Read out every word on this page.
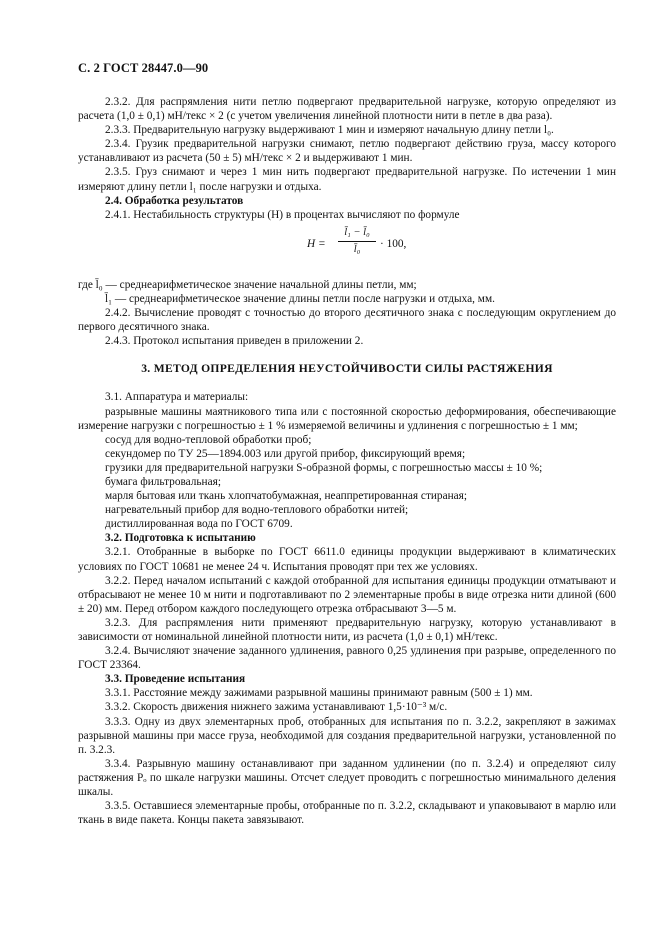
С. 2 ГОСТ 28447.0—90

2.3.2. Для распрямления нити петлю подвергают предварительной нагрузке, которую определяют из расчета (1,0 ± 0,1) мН/текс × 2 (с учетом увеличения линейной плотности нити в петле в два раза).

2.3.3. Предварительную нагрузку выдерживают 1 мин и измеряют начальную длину петли l₀.

2.3.4. Грузик предварительной нагрузки снимают, петлю подвергают действию груза, массу которого устанавливают из расчета (50 ± 5) мН/текс × 2 и выдерживают 1 мин.

2.3.5. Груз снимают и через 1 мин нить подвергают предварительной нагрузке. По истечении 1 мин измеряют длину петли l₁ после нагрузки и отдыха.

2.4. Обработка результатов

2.4.1. Нестабильность структуры (H) в процентах вычисляют по формуле

$H = \frac{\text{l̄₁ − l̄₀}}{\text{l̄₀}} \cdot 100$,

где l̄₀ — среднеарифметическое значение начальной длины петли, мм;

l̄₁ — среднеарифметическое значение длины петли после нагрузки и отдыха, мм.

2.4.2. Вычисление проводят с точностью до второго десятичного знака с последующим округлением до первого десятичного знака.

2.4.3. Протокол испытания приведен в приложении 2.

3. МЕТОД ОПРЕДЕЛЕНИЯ НЕУСТОЙЧИВОСТИ СИЛЫ РАСТЯЖЕНИЯ

3.1. Аппаратура и материалы:

разрывные машины маятникового типа или с постоянной скоростью деформирования, обеспечивающие измерение нагрузки с погрешностью ± 1 % измеряемой величины и удлинения с погрешностью ± 1 мм;

сосуд для водно-тепловой обработки проб;

секундомер по ТУ 25—1894.003 или другой прибор, фиксирующий время;

грузики для предварительной нагрузки S-образной формы, с погрешностью массы ± 10 %;

бумага фильтровальная;

марля бытовая или ткань хлопчатобумажная, неаппретированная стираная;

нагревательный прибор для водно-теплового обработки нитей;

дистиллированная вода по ГОСТ 6709.

3.2. Подготовка к испытанию

3.2.1. Отобранные в выборке по ГОСТ 6611.0 единицы продукции выдерживают в климатических условиях по ГОСТ 10681 не менее 24 ч. Испытания проводят при тех же условиях.

3.2.2. Перед началом испытаний с каждой отобранной для испытания единицы продукции отматывают и отбрасывают не менее 10 м нити и подготавливают по 2 элементарные пробы в виде отрезка нити длиной (600 ± 20) мм. Перед отбором каждого последующего отрезка отбрасывают 3—5 м.

3.2.3. Для распрямления нити применяют предварительную нагрузку, которую устанавливают в зависимости от номинальной линейной плотности нити, из расчета (1,0 ± 0,1) мН/текс.

3.2.4. Вычисляют значение заданного удлинения, равного 0,25 удлинения при разрыве, определенного по ГОСТ 23364.

3.3. Проведение испытания

3.3.1. Расстояние между зажимами разрывной машины принимают равным (500 ± 1) мм.

3.3.2. Скорость движения нижнего зажима устанавливают 1,5·10⁻³ м/с.

3.3.3. Одну из двух элементарных проб, отобранных для испытания по п. 3.2.2, закрепляют в зажимах разрывной машины при массе груза, необходимой для создания предварительной нагрузки, установленной по п. 3.2.3.

3.3.4. Разрывную машину останавливают при заданном удлинении (по п. 3.2.4) и определяют силу растяжения Pₒ по шкале нагрузки машины. Отсчет следует проводить с погрешностью минимального деления шкалы.

3.3.5. Оставшиеся элементарные пробы, отобранные по п. 3.2.2, складывают и упаковывают в марлю или ткань в виде пакета. Концы пакета завязывают.
